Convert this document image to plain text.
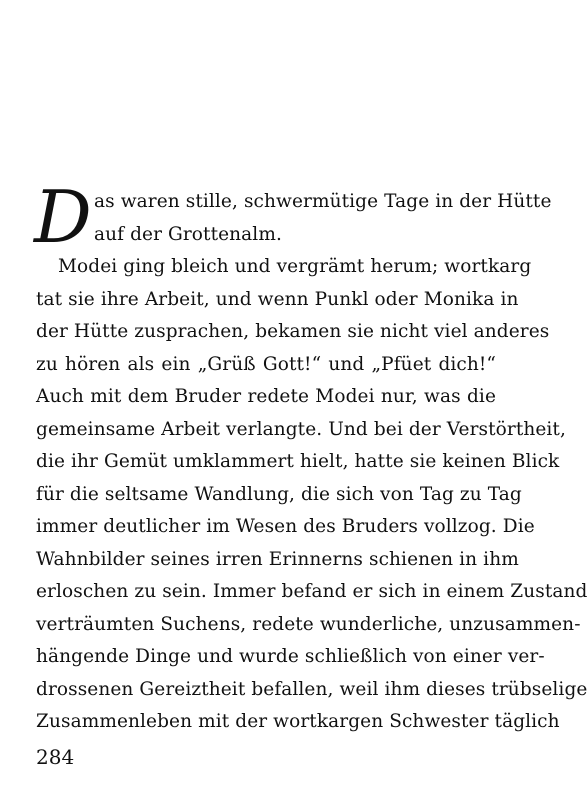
D as waren stille, schwermütige Tage in der Hütte
auf der Grottenalm.
Modei ging bleich und vergrämt herum; wortkarg
tat sie ihre Arbeit, und wenn Punkl oder Monika in
der Hütte zusprachen, bekamen sie nicht viel anderes
zu hören als ein „Grüß Gott!“ und „Pfüet dich!“
Auch mit dem Bruder redete Modei nur, was die
gemeinsame Arbeit verlangte. Und bei der Verstörtheit,
die ihr Gemüt umklammert hielt, hatte sie keinen Blick
für die seltsame Wandlung, die sich von Tag zu Tag
immer deutlicher im Wesen des Bruders vollzog. Die
Wahnbilder seines irren Erinnerns schienen in ihm
erloschen zu sein. Immer befand er sich in einem Zustand
verträumten Suchens, redete wunderliche, unzusammen-
hängende Dinge und wurde schließlich von einer ver-
drossenen Gereiztheit befallen, weil ihm dieses trübselige
Zusammenleben mit der wortkargen Schwester täglich
284
